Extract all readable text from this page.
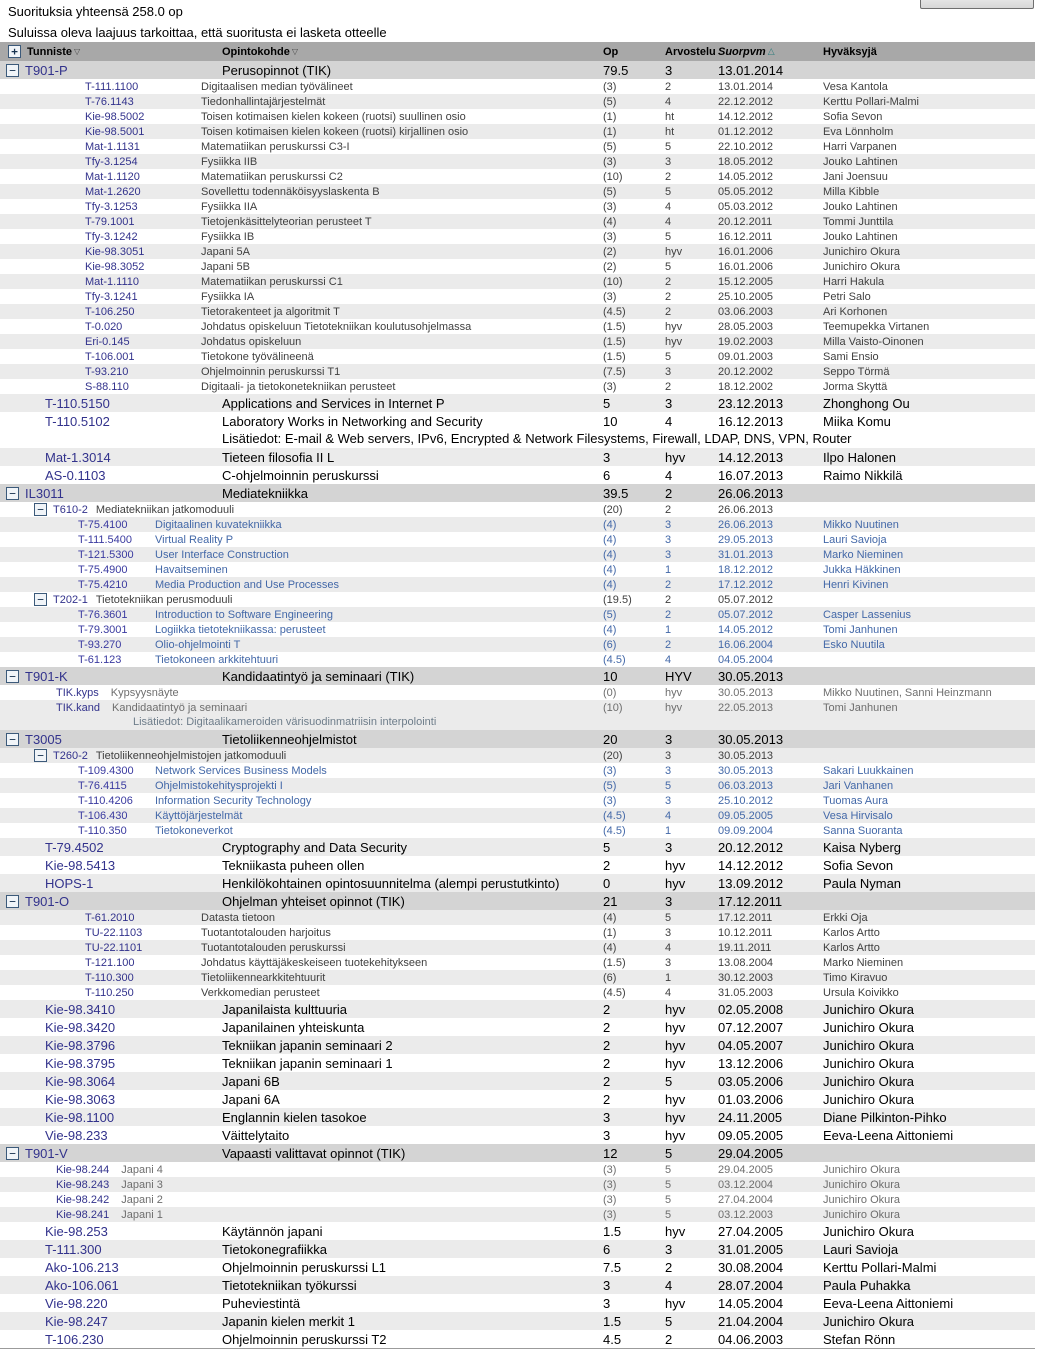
Suorituksia yhteensä 258.0 op
Suluissa oleva laajuus tarkoittaa, että suoritusta ei lasketa otteelle
+ Tunniste ▽	Opintokohde ▽	Op	Arvostelu Suorpvm △	Hyväksyjä
− T901-P	Perusopinnot (TIK)	79.5	3	13.01.2014
T-111.1100	Digitaalisen median työvälineet	(3)	2	13.01.2014	Vesa Kantola
T-76.1143	Tiedonhallintajärjestelmät	(5)	4	22.12.2012	Kerttu Pollari-Malmi
Kie-98.5002	Toisen kotimaisen kielen kokeen (ruotsi) suullinen osio	(1)	ht	14.12.2012	Sofia Sevon
Kie-98.5001	Toisen kotimaisen kielen kokeen (ruotsi) kirjallinen osio	(1)	ht	01.12.2012	Eva Lönnholm
Mat-1.1131	Matematiikan peruskurssi C3-I	(5)	5	22.10.2012	Harri Varpanen
Tfy-3.1254	Fysiikka IIB	(3)	3	18.05.2012	Jouko Lahtinen
Mat-1.1120	Matematiikan peruskurssi C2	(10)	2	14.05.2012	Jani Joensuu
Mat-1.2620	Sovellettu todennäköisyyslaskenta B	(5)	5	05.05.2012	Milla Kibble
Tfy-3.1253	Fysiikka IIA	(3)	4	05.03.2012	Jouko Lahtinen
T-79.1001	Tietojenkäsittelyteorian perusteet T	(4)	4	20.12.2011	Tommi Junttila
Tfy-3.1242	Fysiikka IB	(3)	5	16.12.2011	Jouko Lahtinen
Kie-98.3051	Japani 5A	(2)	hyv	16.01.2006	Junichiro Okura
Kie-98.3052	Japani 5B	(2)	5	16.01.2006	Junichiro Okura
Mat-1.1110	Matematiikan peruskurssi C1	(10)	2	15.12.2005	Harri Hakula
Tfy-3.1241	Fysiikka IA	(3)	2	25.10.2005	Petri Salo
T-106.250	Tietorakenteet ja algoritmit T	(4.5)	2	03.06.2003	Ari Korhonen
T-0.020	Johdatus opiskeluun Tietotekniikan koulutusohjelmassa	(1.5)	hyv	28.05.2003	Teemupekka Virtanen
Eri-0.145	Johdatus opiskeluun	(1.5)	hyv	19.02.2003	Milla Vaisto-Oinonen
T-106.001	Tietokone työvälineenä	(1.5)	5	09.01.2003	Sami Ensio
T-93.210	Ohjelmoinnin peruskurssi T1	(7.5)	3	20.12.2002	Seppo Törmä
S-88.110	Digitaali- ja tietokonetekniikan perusteet	(3)	2	18.12.2002	Jorma Skyttä
T-110.5150	Applications and Services in Internet P	5	3	23.12.2013	Zhonghong Ou
T-110.5102	Laboratory Works in Networking and Security	10	4	16.12.2013	Miika Komu
Lisätiedot: E-mail & Web servers, IPv6, Encrypted & Network Filesystems, Firewall, LDAP, DNS, VPN, Router
Mat-1.3014	Tieteen filosofia II L	3	hyv	14.12.2013	Ilpo Halonen
AS-0.1103	C-ohjelmoinnin peruskurssi	6	4	16.07.2013	Raimo Nikkilä
− IL3011	Mediatekniikka	39.5	2	26.06.2013
− T610-2 Mediatekniikan jatkomoduuli	(20)	2	26.06.2013
T-75.4100	Digitaalinen kuvatekniikka	(4)	3	26.06.2013	Mikko Nuutinen
T-111.5400	Virtual Reality P	(4)	3	29.05.2013	Lauri Savioja
T-121.5300	User Interface Construction	(4)	3	31.01.2013	Marko Nieminen
T-75.4900	Havaitseminen	(4)	1	18.12.2012	Jukka Häkkinen
T-75.4210	Media Production and Use Processes	(4)	2	17.12.2012	Henri Kivinen
− T202-1 Tietotekniikan perusmoduuli	(19.5)	2	05.07.2012
T-76.3601	Introduction to Software Engineering	(5)	2	05.07.2012	Casper Lassenius
T-79.3001	Logiikka tietotekniikassa: perusteet	(4)	1	14.05.2012	Tomi Janhunen
T-93.270	Olio-ohjelmointi T	(6)	2	16.06.2004	Esko Nuutila
T-61.123	Tietokoneen arkkitehtuuri	(4.5)	4	04.05.2004
− T901-K	Kandidaatintyö ja seminaari (TIK)	10	HYV	30.05.2013
TIK.kyps Kypsyysnäyte	(0)	hyv	30.05.2013	Mikko Nuutinen, Sanni Heinzmann
TIK.kand Kandidaatintyö ja seminaari	(10)	hyv	22.05.2013	Tomi Janhunen
Lisätiedot: Digitaalikameroiden värisuodinmatriisin interpolointi
− T3005	Tietoliikenneohjelmistot	20	3	30.05.2013
− T260-2 Tietoliikenneohjelmistojen jatkomoduuli	(20)	3	30.05.2013
T-109.4300	Network Services Business Models	(3)	3	30.05.2013	Sakari Luukkainen
T-76.4115	Ohjelmistokehitysprojekti I	(5)	5	06.03.2013	Jari Vanhanen
T-110.4206	Information Security Technology	(3)	3	25.10.2012	Tuomas Aura
T-106.430	Käyttöjärjestelmät	(4.5)	4	09.05.2005	Vesa Hirvisalo
T-110.350	Tietokoneverkot	(4.5)	1	09.09.2004	Sanna Suoranta
T-79.4502	Cryptography and Data Security	5	3	20.12.2012	Kaisa Nyberg
Kie-98.5413	Tekniikasta puheen ollen	2	hyv	14.12.2012	Sofia Sevon
HOPS-1	Henkilökohtainen opintosuunnitelma (alempi perustutkinto)	0	hyv	13.09.2012	Paula Nyman
− T901-O	Ohjelman yhteiset opinnot (TIK)	21	3	17.12.2011
T-61.2010	Datasta tietoon	(4)	5	17.12.2011	Erkki Oja
TU-22.1103	Tuotantotalouden harjoitus	(1)	3	10.12.2011	Karlos Artto
TU-22.1101	Tuotantotalouden peruskurssi	(4)	4	19.11.2011	Karlos Artto
T-121.100	Johdatus käyttäjäkeskeiseen tuotekehitykseen	(1.5)	3	13.08.2004	Marko Nieminen
T-110.300	Tietoliikennearkkitehtuurit	(6)	1	30.12.2003	Timo Kiravuo
T-110.250	Verkkomedian perusteet	(4.5)	4	31.05.2003	Ursula Koivikko
Kie-98.3410	Japanilaista kulttuuria	2	hyv	02.05.2008	Junichiro Okura
Kie-98.3420	Japanilainen yhteiskunta	2	hyv	07.12.2007	Junichiro Okura
Kie-98.3796	Tekniikan japanin seminaari 2	2	hyv	04.05.2007	Junichiro Okura
Kie-98.3795	Tekniikan japanin seminaari 1	2	hyv	13.12.2006	Junichiro Okura
Kie-98.3064	Japani 6B	2	5	03.05.2006	Junichiro Okura
Kie-98.3063	Japani 6A	2	hyv	01.03.2006	Junichiro Okura
Kie-98.1100	Englannin kielen tasokoe	3	hyv	24.11.2005	Diane Pilkinton-Pihko
Vie-98.233	Väittelytaito	3	hyv	09.05.2005	Eeva-Leena Aittoniemi
− T901-V	Vapaasti valittavat opinnot (TIK)	12	5	29.04.2005
Kie-98.244 Japani 4	(3)	5	29.04.2005	Junichiro Okura
Kie-98.243 Japani 3	(3)	5	03.12.2004	Junichiro Okura
Kie-98.242 Japani 2	(3)	5	27.04.2004	Junichiro Okura
Kie-98.241 Japani 1	(3)	5	03.12.2003	Junichiro Okura
Kie-98.253	Käytännön japani	1.5	hyv	27.04.2005	Junichiro Okura
T-111.300	Tietokonegrafiikka	6	3	31.01.2005	Lauri Savioja
Ako-106.213	Ohjelmoinnin peruskurssi L1	7.5	2	30.08.2004	Kerttu Pollari-Malmi
Ako-106.061	Tietotekniikan työkurssi	3	4	28.07.2004	Paula Puhakka
Vie-98.220	Puheviestintä	3	hyv	14.05.2004	Eeva-Leena Aittoniemi
Kie-98.247	Japanin kielen merkit 1	1.5	5	21.04.2004	Junichiro Okura
T-106.230	Ohjelmoinnin peruskurssi T2	4.5	2	04.06.2003	Stefan Rönn
